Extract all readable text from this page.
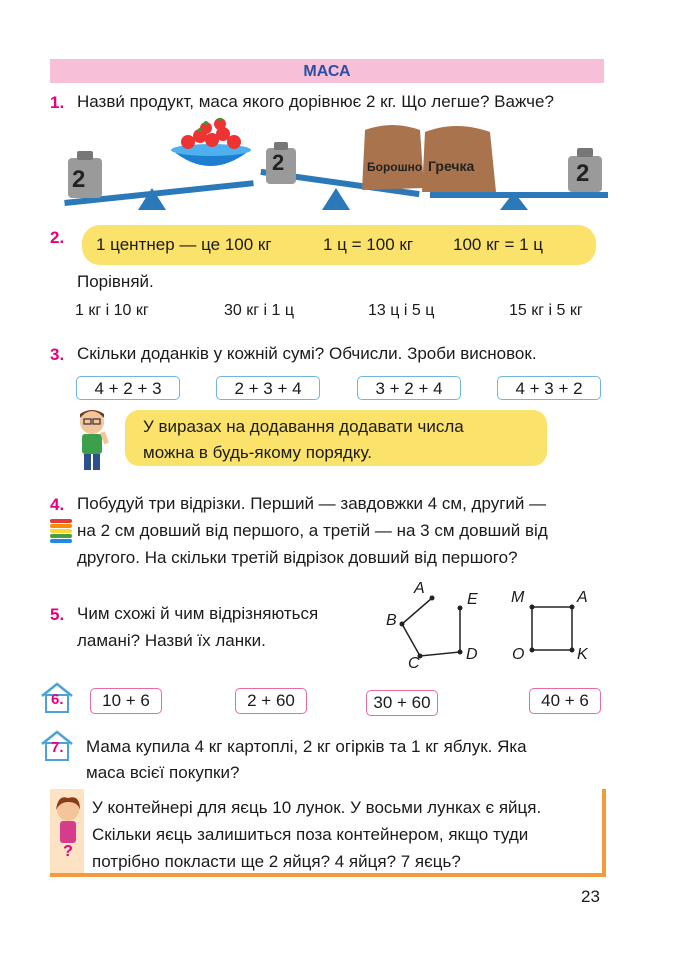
МАСА
1. Назви́ продукт, маса якого дорівнює 2 кг. Що легше? Важче?
2
2	2
Борошно Гречка
2. 1 центнер — це 100 кг	1 ц = 100 кг 100 кг = 1 ц
Порівняй.
1 кг і 10 кг	30 кг і 1 ц	13 ц і 5 ц	15 кг і 5 кг
3. Скільки доданків у кожній сумі? Обчисли. Зроби висновок.
4 + 2 + 3	2 + 3 + 4	3 + 2 + 4	4 + 3 + 2
У виразах на додавання додавати числа
можна в будь-якому порядку.
4. Побудуй три відрізки. Перший — завдовжки 4 см, другий —
на 2 см довший від першого, а третій — на 3 см довший від
другого. На скільки третій відрізок довший від першого?
5. Чим схожі й чим відрізняються
ламані? Назви́ їх ланки.
A
B
C
D
E M	A
O	K
6.	10 + 6	2 + 60	30 + 60	40 + 6
7. Мама купила 4 кг картоплі, 2 кг огірків та 1 кг яблук. Яка
маса всієї покупки?
?
У контейнері для яєць 10 лунок. У восьми лунках є яйця.
Скільки яєць залишиться поза контейнером, якщо туди
потрібно покласти ще 2 яйця? 4 яйця? 7 яєць?
23
